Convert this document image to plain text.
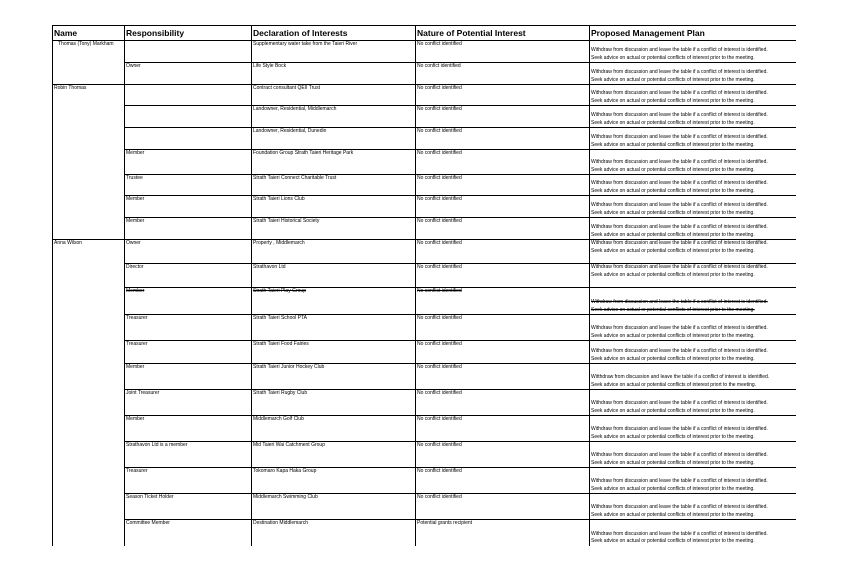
Name	Responsibility	Declaration of Interests	Nature of Potential Interest	Proposed Management Plan
Thomas (Tony) Markham		Supplementary water take from the Taieri River	No conflict identified	Withdraw from discussion and leave the table if a conflict of interest is identified.
Seek advice on actual or potential conflicts of interest prior to the meeting.

	Owner	Life Style Bock	No confict identified	Withdraw from discussion and leave the table if a conflict of interest is identified.
Seek advice on actual or potential conflicts of interest prior to the meeting.

Robin Thomas		Contract consultant QEII Trust	No conflict identified	Withdraw from discussion and leave the table if a conflict of interest is identified.
Seek advice on actual or potential conflicts of interest prior to the meeting.

		Landowner, Residential, Middlemarch	No conflict identified	Withdraw from discussion and leave the table if a conflict of interest is identified.
Seek advice on actual or potential conflicts of interest prior to the meeting.

		Landowner, Residential, Dunedin	No conflict identified	Withdraw from discussion and leave the table if a conflict of interest is identified.
Seek advice on actual or potential conflicts of interest prior to the meeting.

	Member	Foundation Group Strath Taieri Heritage Park	No conflict identified	Withdraw from discussion and leave the table if a conflict of interest is identified.
Seek advice on actual or potential conflicts of interest prior to the meeting.

	Trustee	Strath Taieri Connect Charitable Trust	No conflict identified	Withdraw from discussion and leave the table if a conflict of interest is identified.
Seek advice on actual or potential conflicts of interest prior to the meeting.

	Member	Strath Taieri Lions Club	No conflict identified	Withdraw from discussion and leave the table if a conflict of interest is identified.
Seek advice on actual or potential conflicts of interest prior to the meeting.

	Member	Strath Taieri Historical Society	No conflict identified	Withdraw from discussion and leave the table if a conflict of interest is identified.
Seek advice on actual or potential conflicts of interest prior to the meeting.

Anna Wilson	Owner	Property , Middlemarch	No conflict identified	Withdraw from discussion and leave the table if a conflict of interest is identified.
Seek advice on actual or potential conflicts of interest prior to the meeting.

	Director	Strathavon Ltd	No conflict identified	Withdraw from discussion and leave the table if a conflict of interest is identified.
Seek advice on actual or potential conflicts of interest prior to the meeting.

	Member	Strath Taieri Play Group	No conflict identified	Withdraw from discussion and leave the table if a conflict of interest is identified.
Seek advice on actual or potential conflicts of interest prior to the meeting.

	Treasurer	Strath Taieri School PTA	No conflict identified	Withdraw from discussion and leave the table if a conflict of interest is identified.
Seek advice on actual or potential conflicts of interest prior to the meeting.

	Treasurer	Strath Taieri Food Fairies	No conflict identified	Withdraw from discussion and leave the table if a conflict of interest is identified.
Seek advice on actual or potential conflicts of interest prior to the meeting.

	Member	Strath Taieri Junior Hockey Club	No conflict identified	Witthdraw from discussion and leave the table if a conflict of interest is identified.
Seek advice on actual or potential conflicts of interest priort to the meeting.

	Joint Treasurer	Strath Taieri Rugby Club	No conflict identified	Withdraw from discussion and leave the table if a conflict of interest is identified.
Seek advice on actual or potential conflicts of interest prior to the meeting.

	Member	Middlemarch Golf Club	No conflict identified	Withdraw from discussion and leave the table if a conflict of interest is identified.
Seek advice on actual or potential conflicts of interest prior to the meeting.

	Strathavon Ltd is a member	Mid Taieri Wai Catchment Group	No conflict identified	Withdraw from discussion and leave the table if a conflict of interest is identified.
Seek advice on actual or potential conflicts of interest prior to the meeting.

	Treasurer	Tokomaro Kapa Haka Group	No conflict identified	Withdraw from discussion and leave the table if a conflict of interest is identified.
Seek advice on actual or potential conflicts of interest prior to the meeting.

	Season Ticket Holder	Middlemarch Swimming Club	No conflict identified	Withdraw from discussion and leave the table if a conflict of interest is identified.
Seek advice on actual or potential conflicts of interest prior to the meeting.

	Committee Member	Destination Middlemarch	Potential grants recipient	Withdraw from discussion and leave the table if a conflict of interest is identified.
Seek advice on actual or potential conflicts of interest prior to the meeting.
